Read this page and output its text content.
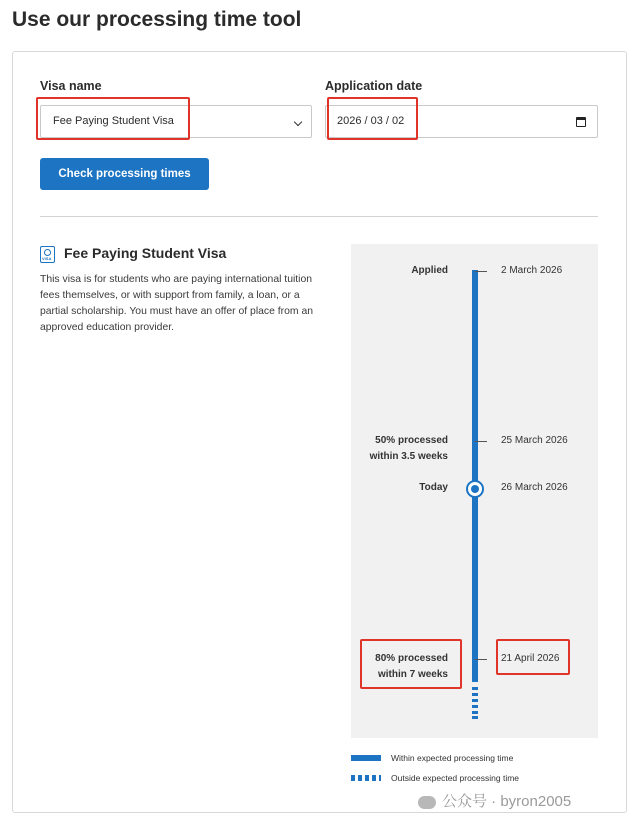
Use our processing time tool
Visa name
Fee Paying Student Visa
Application date
2026 / 03 / 02
Check processing times
VISA Fee Paying Student Visa
This visa is for students who are paying international tuition fees themselves, or with support from family, a loan, or a partial scholarship. You must have an offer of place from an approved education provider.
Applied	2 March 2026
50% processed
within 3.5 weeks
25 March 2026
Today	26 March 2026
80% processed
within 7 weeks
21 April 2026
Within expected processing time
Outside expected processing time
公众号 · byron2005
